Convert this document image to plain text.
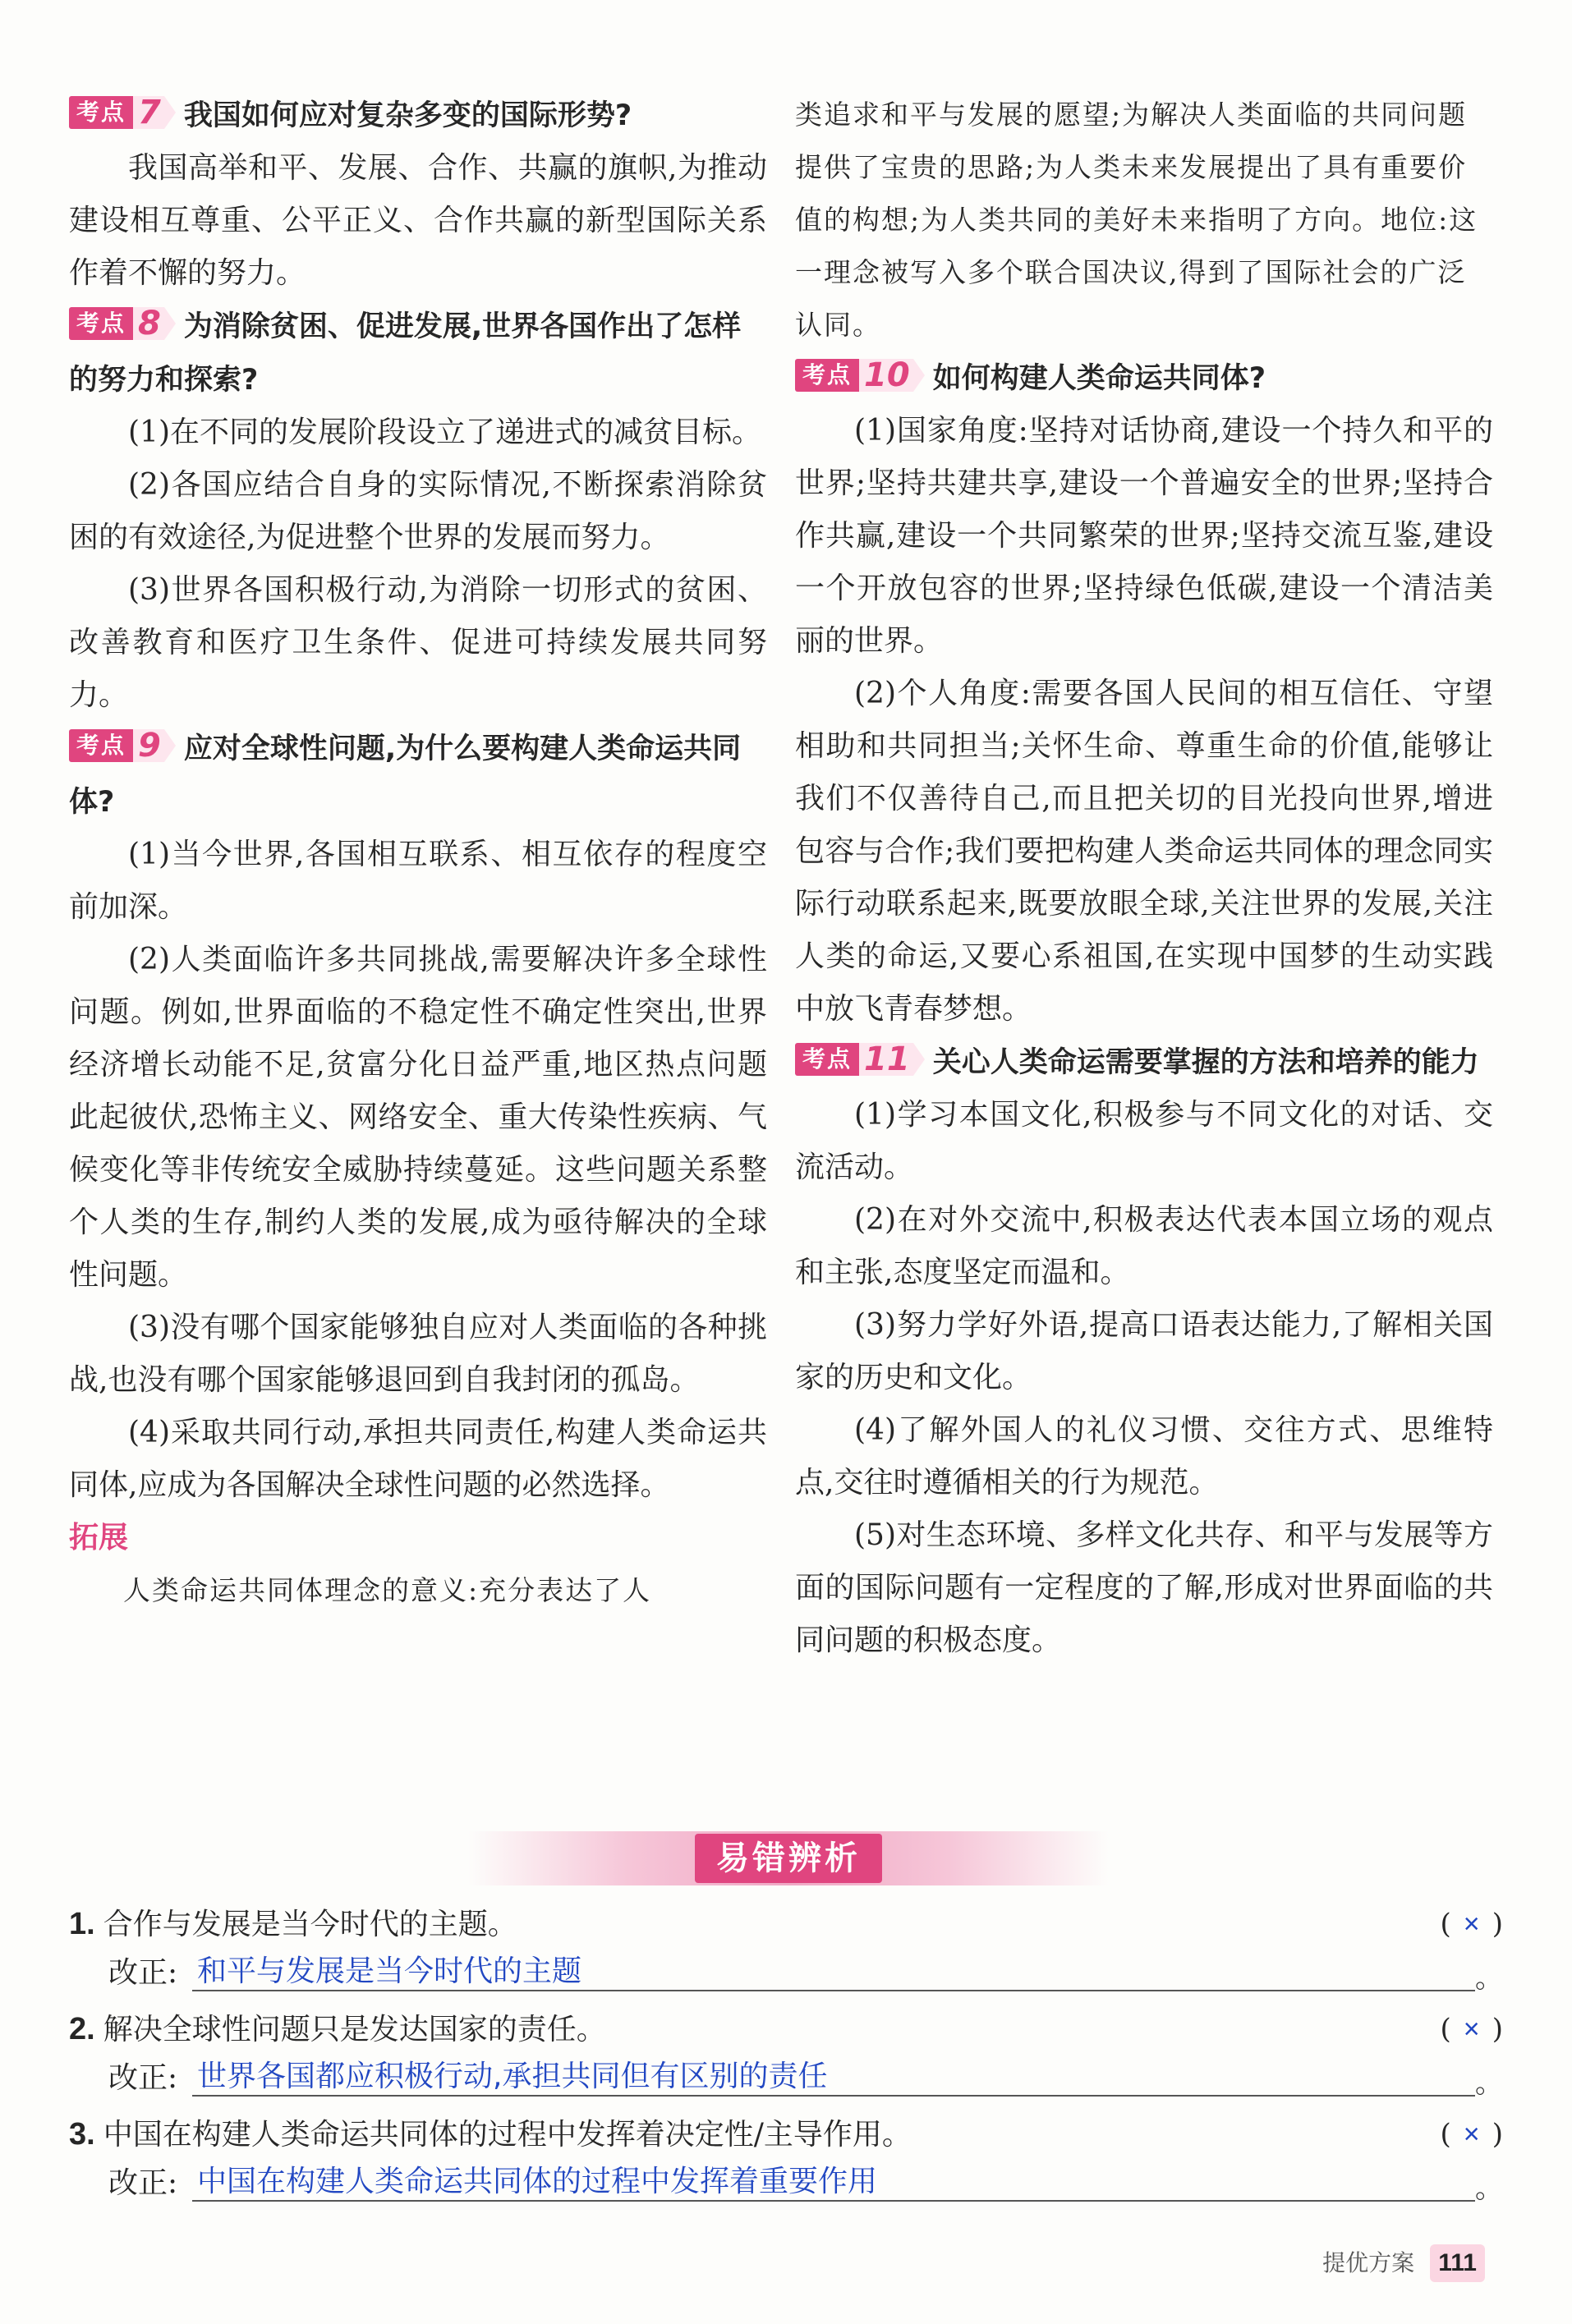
考点 7 我国如何应对复杂多变的国际形势?

我国高举和平、发展、合作、共赢的旗帜,为推动建设相互尊重、公平正义、合作共赢的新型国际关系作着不懈的努力。

考点 8 为消除贫困、促进发展,世界各国作出了怎样的努力和探索?

(1)在不同的发展阶段设立了递进式的减贫目标。

(2)各国应结合自身的实际情况,不断探索消除贫困的有效途径,为促进整个世界的发展而努力。

(3)世界各国积极行动,为消除一切形式的贫困、改善教育和医疗卫生条件、促进可持续发展共同努力。

考点 9 应对全球性问题,为什么要构建人类命运共同体?

(1)当今世界,各国相互联系、相互依存的程度空前加深。

(2)人类面临许多共同挑战,需要解决许多全球性问题。例如,世界面临的不稳定性不确定性突出,世界经济增长动能不足,贫富分化日益严重,地区热点问题此起彼伏,恐怖主义、网络安全、重大传染性疾病、气候变化等非传统安全威胁持续蔓延。这些问题关系整个人类的生存,制约人类的发展,成为亟待解决的全球性问题。

(3)没有哪个国家能够独自应对人类面临的各种挑战,也没有哪个国家能够退回到自我封闭的孤岛。

(4)采取共同行动,承担共同责任,构建人类命运共同体,应成为各国解决全球性问题的必然选择。

拓展

人类命运共同体理念的意义:充分表达了人

类追求和平与发展的愿望;为解决人类面临的共同问题提供了宝贵的思路;为人类未来发展提出了具有重要价值的构想;为人类共同的美好未来指明了方向。地位:这一理念被写入多个联合国决议,得到了国际社会的广泛认同。

考点 10 如何构建人类命运共同体?

(1)国家角度:坚持对话协商,建设一个持久和平的世界;坚持共建共享,建设一个普遍安全的世界;坚持合作共赢,建设一个共同繁荣的世界;坚持交流互鉴,建设一个开放包容的世界;坚持绿色低碳,建设一个清洁美丽的世界。

(2)个人角度:需要各国人民间的相互信任、守望相助和共同担当;关怀生命、尊重生命的价值,能够让我们不仅善待自己,而且把关切的目光投向世界,增进包容与合作;我们要把构建人类命运共同体的理念同实际行动联系起来,既要放眼全球,关注世界的发展,关注人类的命运,又要心系祖国,在实现中国梦的生动实践中放飞青春梦想。

考点 11 关心人类命运需要掌握的方法和培养的能力

(1)学习本国文化,积极参与不同文化的对话、交流活动。

(2)在对外交流中,积极表达代表本国立场的观点和主张,态度坚定而温和。

(3)努力学好外语,提高口语表达能力,了解相关国家的历史和文化。

(4)了解外国人的礼仪习惯、交往方式、思维特点,交往时遵循相关的行为规范。

(5)对生态环境、多样文化共存、和平与发展等方面的国际问题有一定程度的了解,形成对世界面临的共同问题的积极态度。

易错辨析
1. 合作与发展是当今时代的主题。	( × )
改正: 和平与发展是当今时代的主题	。
2. 解决全球性问题只是发达国家的责任。	( × )
改正: 世界各国都应积极行动,承担共同但有区别的责任	。
3. 中国在构建人类命运共同体的过程中发挥着决定性/主导作用。	( × )
改正: 中国在构建人类命运共同体的过程中发挥着重要作用	。
提优方案 111
